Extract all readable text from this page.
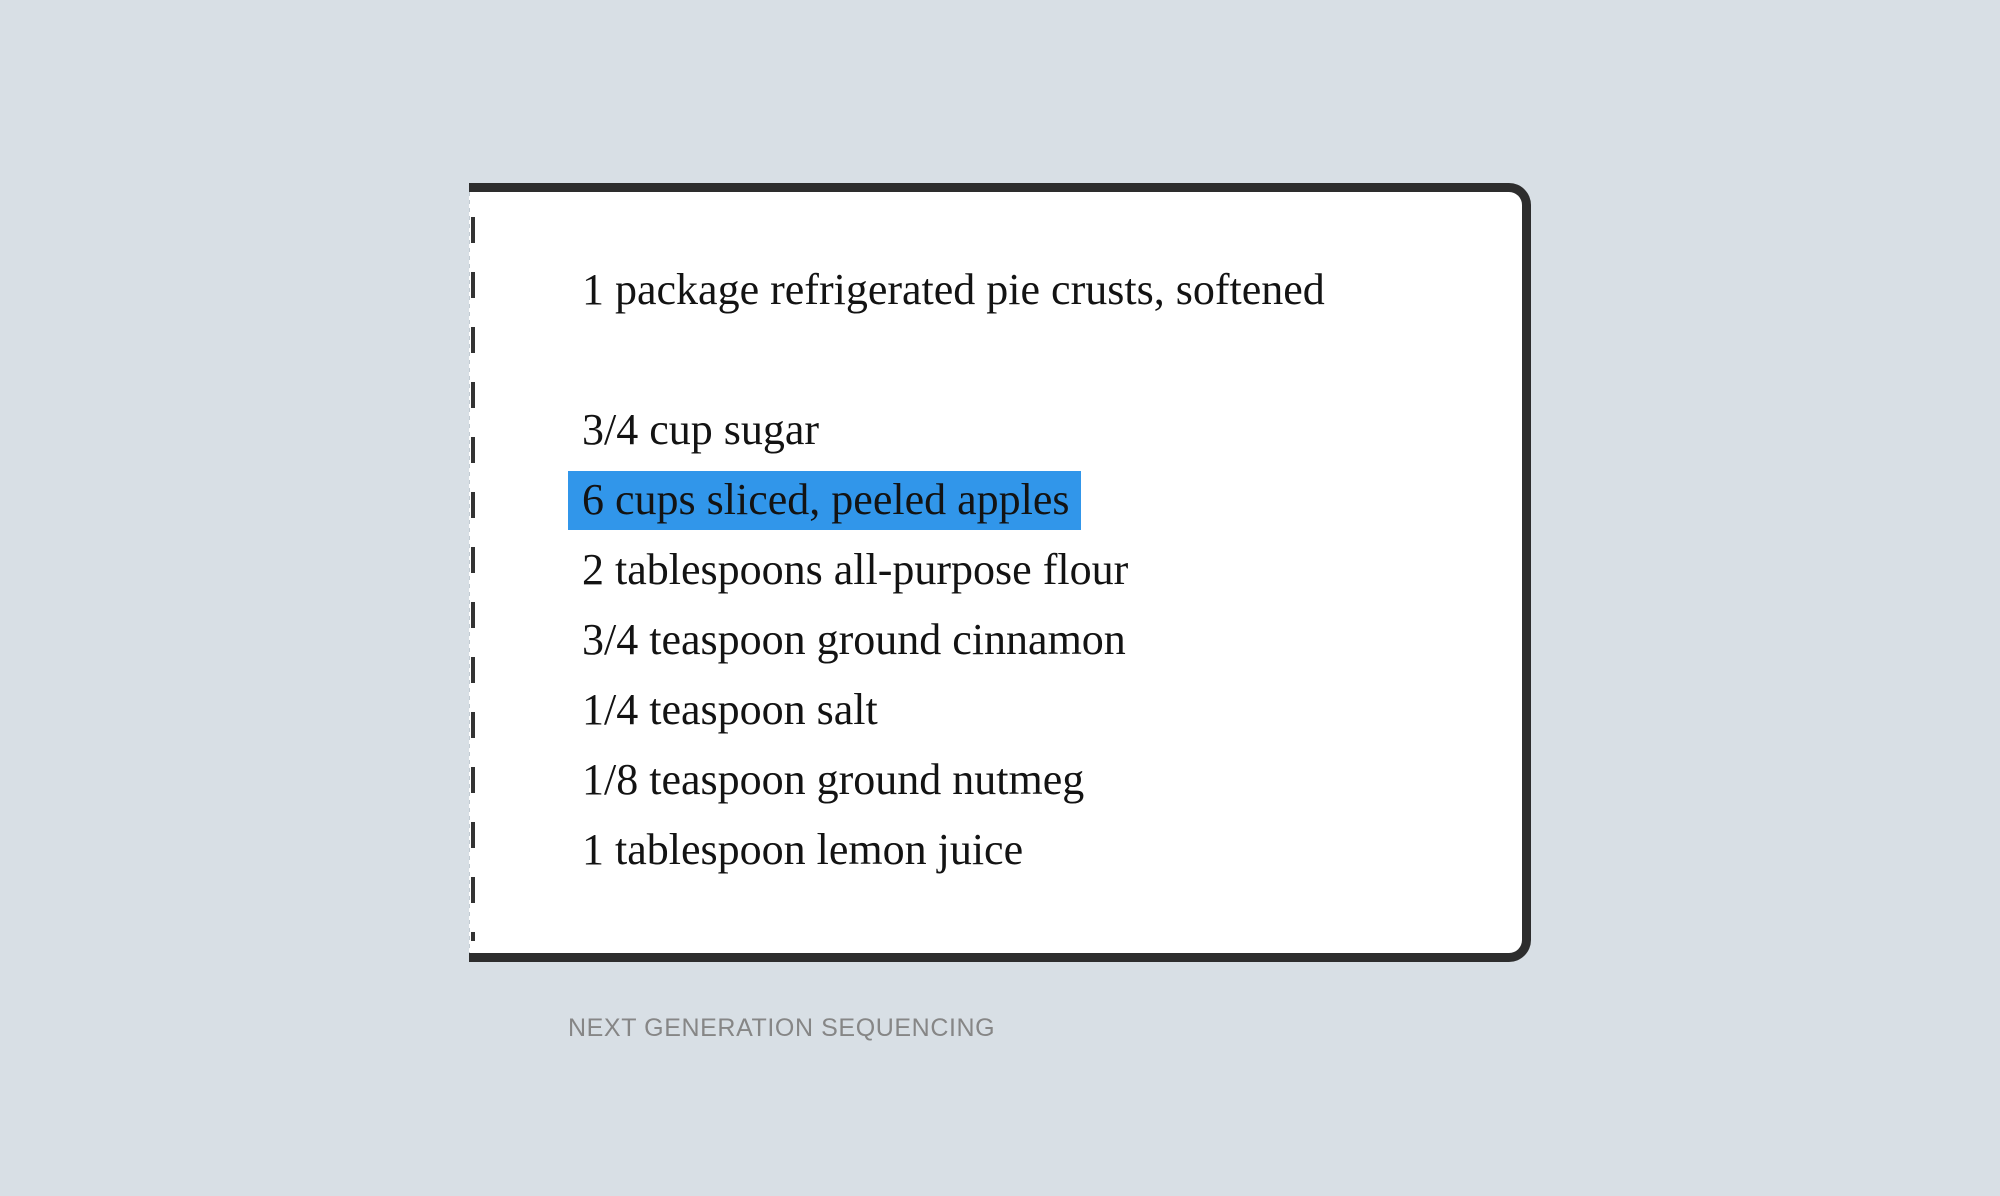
1 package refrigerated pie crusts, softened
3/4 cup sugar
6 cups sliced, peeled apples
2 tablespoons all-purpose flour
3/4 teaspoon ground cinnamon
1/4 teaspoon salt
1/8 teaspoon ground nutmeg
1 tablespoon lemon juice
NEXT GENERATION SEQUENCING
